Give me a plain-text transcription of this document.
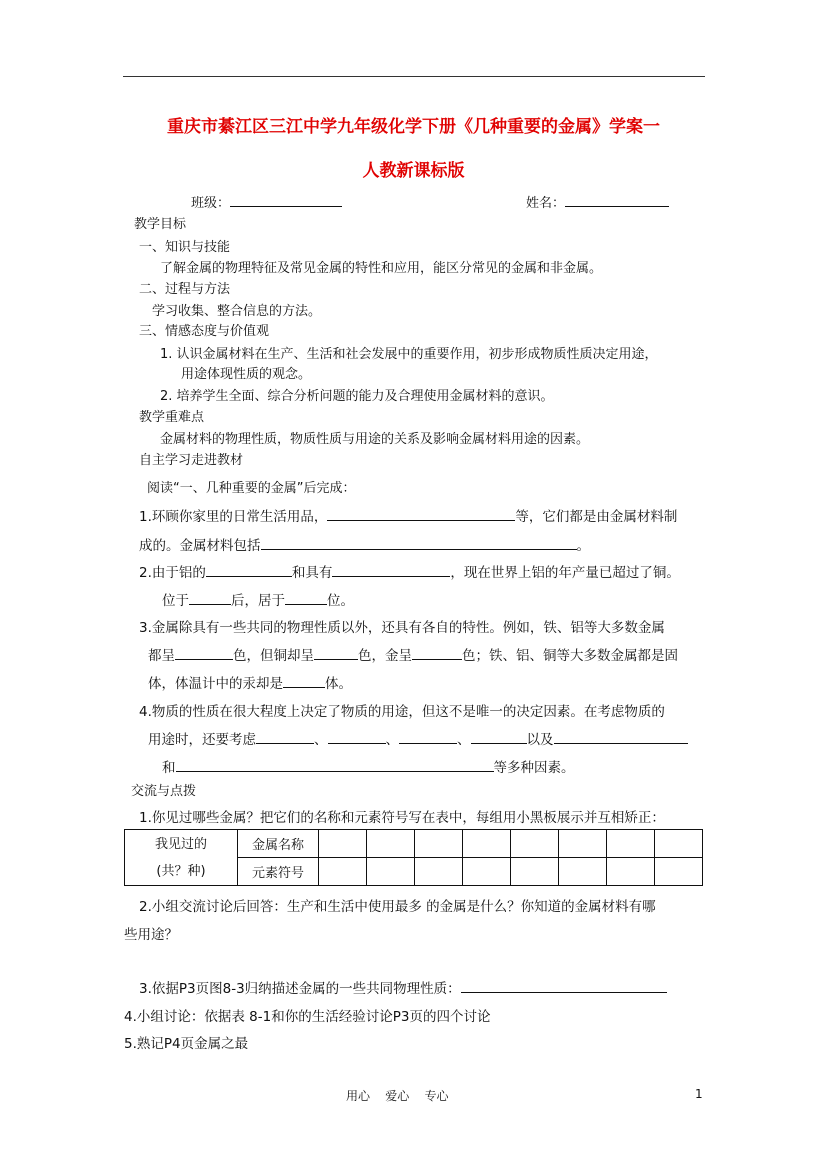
重庆市綦江区三江中学九年级化学下册《几种重要的金属》学案一
人教新课标版
班级：	姓名：
教学目标
一、知识与技能
了解金属的物理特征及常见金属的特性和应用，能区分常见的金属和非金属。
二、过程与方法
学习收集、整合信息的方法。
三、情感态度与价值观
1. 认识金属材料在生产、生活和社会发展中的重要作用，初步形成物质性质决定用途，
用途体现性质的观念。
2. 培养学生全面、综合分析问题的能力及合理使用金属材料的意识。
教学重难点
金属材料的物理性质，物质性质与用途的关系及影响金属材料用途的因素。
自主学习走进教材
阅读“一、几种重要的金属”后完成：
1.环顾你家里的日常生活用品，	等，它们都是由金属材料制
成的。金属材料包括	。
2.由于铝的	和具有	，现在世界上铝的年产量已超过了铜。
位于	后，居于	位。
3.金属除具有一些共同的物理性质以外，还具有各自的特性。例如，铁、铝等大多数金属
都呈	色，但铜却呈	色，金呈	色；铁、铝、铜等大多数金属都是固
体，体温计中的汞却是	体。
4.物质的性质在很大程度上决定了物质的用途，但这不是唯一的决定因素。在考虑物质的
用途时，还要考虑	、	、	、	以及
和	等多种因素。
交流与点拨
1.你见过哪些金属？把它们的名称和元素符号写在表中，每组用小黑板展示并互相矫正：
我见过的
(共？种)	金属名称								
	元素符号								
2.小组交流讨论后回答：生产和生活中使用最多 的金属是什么？你知道的金属材料有哪
些用途？
3.依据P3页图8-3归纳描述金属的一些共同物理性质：
4.小组讨论：依据表 8-1和你的生活经验讨论P3页的四个讨论
5.熟记P4页金属之最
用心    爱心    专心	1
